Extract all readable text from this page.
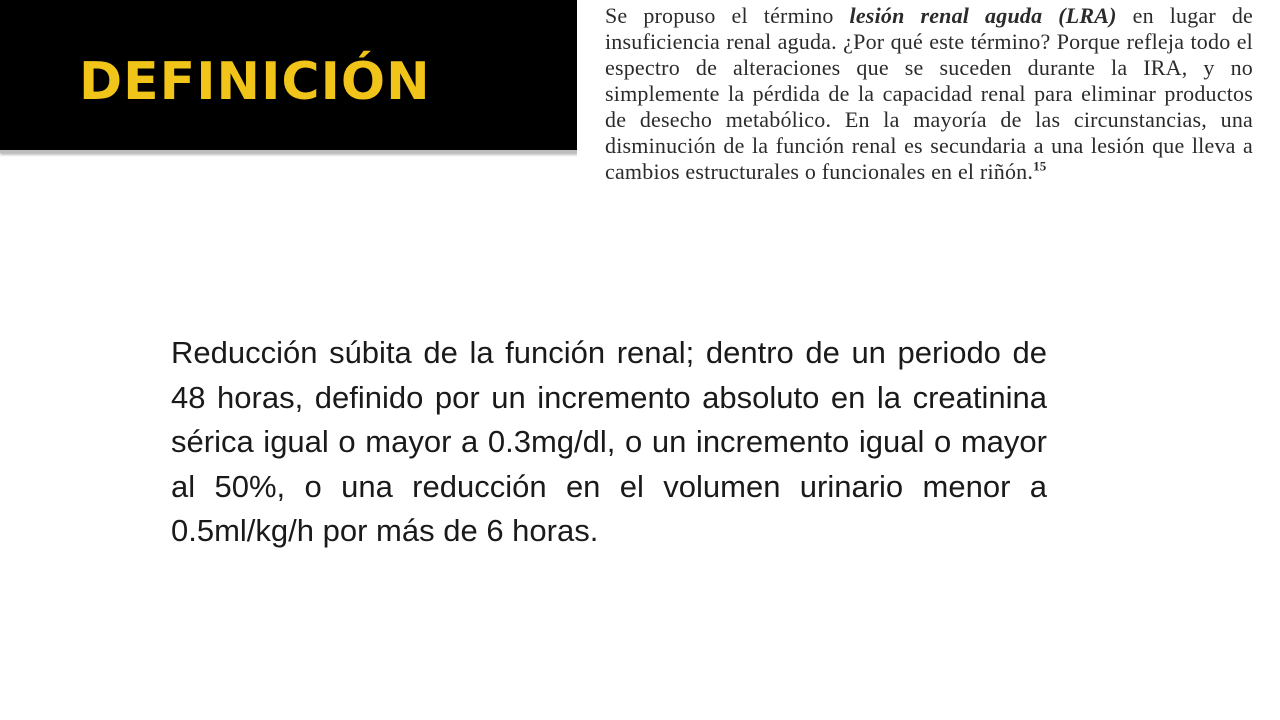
DEFINICIÓN

Se propuso el término lesión renal aguda (LRA) en lugar de insuficiencia renal aguda. ¿Por qué este término? Porque refleja todo el espectro de alteraciones que se suceden durante la IRA, y no simplemente la pérdida de la capacidad renal para eliminar productos de desecho metabólico. En la mayoría de las circunstancias, una disminución de la función renal es secundaria a una lesión que lleva a cambios estructurales o funcionales en el riñón.$^{15}$

Reducción súbita de la función renal; dentro de un periodo de 48 horas, definido por un incremento absoluto en la creatinina sérica igual o mayor a 0.3mg/dl, o un incremento igual o mayor al 50%, o una reducción en el volumen urinario menor a 0.5ml/kg/h por más de 6 horas.
